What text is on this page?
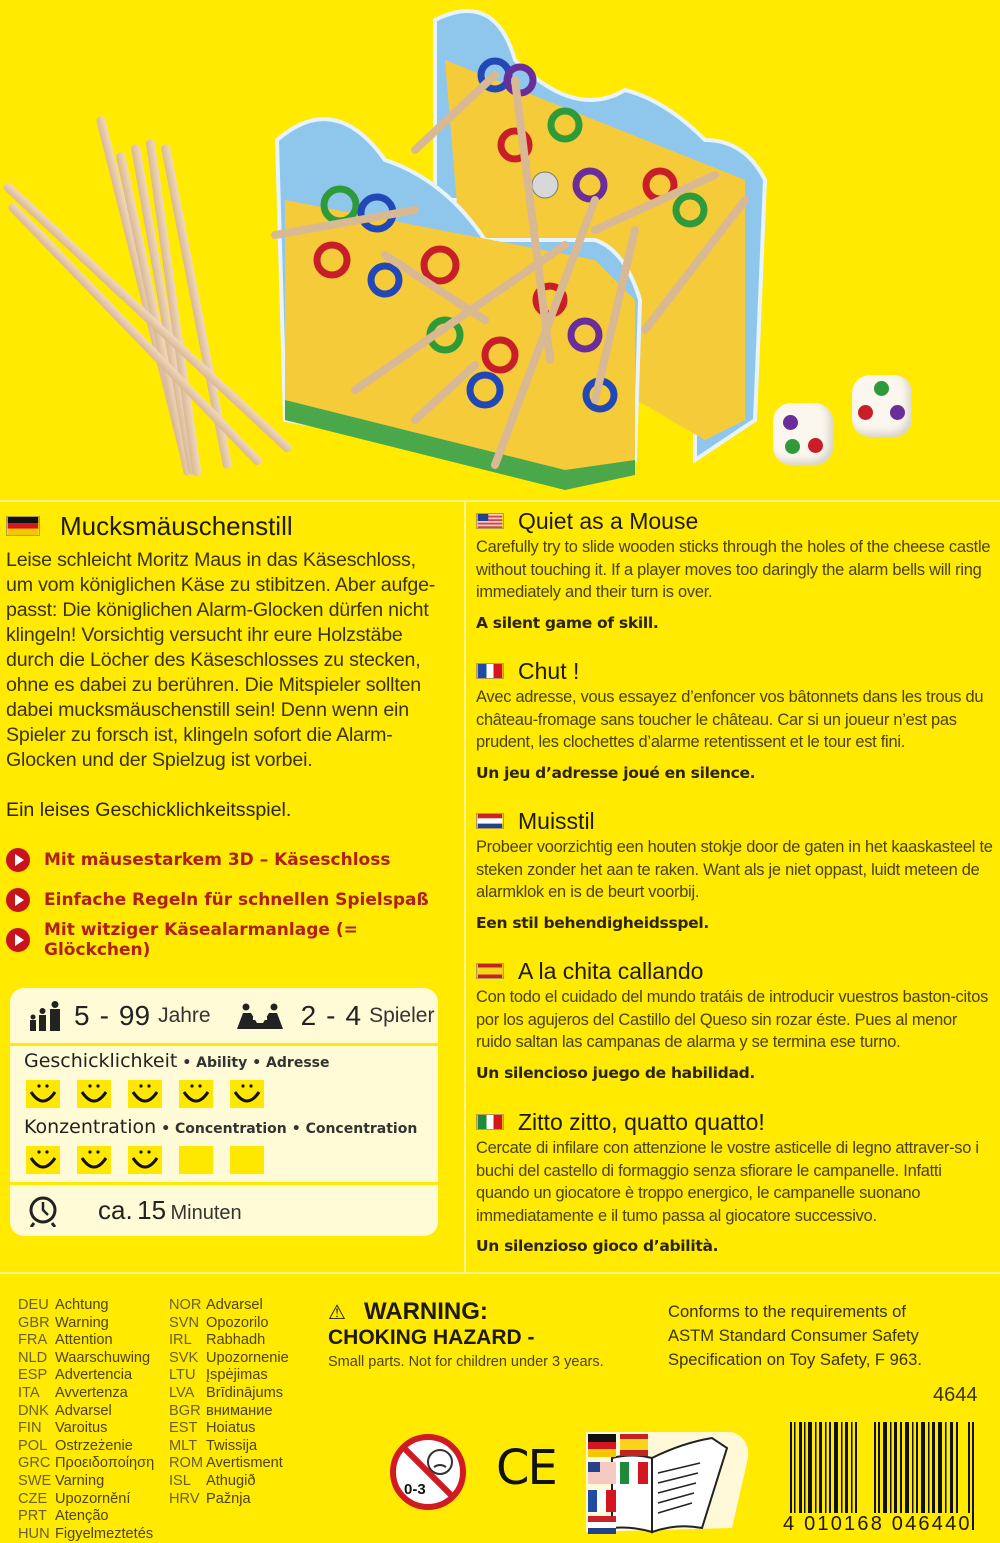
Mucksmäuschenstill
Leise schleicht Moritz Maus in das Käseschloss,
um vom königlichen Käse zu stibitzen. Aber aufge-
passt: Die königlichen Alarm-Glocken dürfen nicht
klingeln! Vorsichtig versucht ihr eure Holzstäbe
durch die Löcher des Käseschlosses zu stecken,
ohne es dabei zu berühren. Die Mitspieler sollten
dabei mucksmäuschenstill sein! Denn wenn ein
Spieler zu forsch ist, klingeln sofort die Alarm-
Glocken und der Spielzug ist vorbei.
Ein leises Geschicklichkeitsspiel.
Mit mäusestarkem 3D – Käseschloss
Einfache Regeln für schnellen Spielspaß
Mit witziger Käsealarmanlage (= Glöckchen)
5 - 99 Jahre	2 - 4 Spieler
Geschicklichkeit • Ability • Adresse
Konzentration • Concentration • Concentration
ca. 15 Minuten
Quiet as a Mouse

Carefully try to slide wooden sticks through the holes of the cheese castle without touching it. If a player moves too daringly the alarm bells will ring immediately and their turn is over.

A silent game of skill.
Chut !

Avec adresse, vous essayez d’enfoncer vos bâtonnets dans les trous du château-fromage sans toucher le château. Car si un joueur n’est pas prudent, les clochettes d’alarme retentissent et le tour est fini.

Un jeu d’adresse joué en silence.
Muisstil

Probeer voorzichtig een houten stokje door de gaten in het kaaskasteel te steken zonder het aan te raken. Want als je niet oppast, luidt meteen de alarmklok en is de beurt voorbij.

Een stil behendigheidsspel.
A la chita callando

Con todo el cuidado del mundo tratáis de introducir vuestros baston-citos por los agujeros del Castillo del Queso sin rozar éste. Pues al menor ruido saltan las campanas de alarma y se termina ese turno.

Un silencioso juego de habilidad.
Zitto zitto, quatto quatto!

Cercate di infilare con attenzione le vostre asticelle di legno attraver-so i buchi del castello di formaggio senza sfiorare le campanelle. Infatti quando un giocatore è troppo energico, le campanelle suonano immediatamente e il tumo passa al giocatore successivo.

Un silenzioso gioco d’abilità.
DEU Achtung
GBR Warning
FRA Attention
NLD Waarschuwing
ESP Advertencia
ITA	Avvertenza
DNK Advarsel
FIN Varoitus
POL Ostrzeżenie
GRC Προειδοποίηση
SWE Varning
CZE Upozornění
PRT Atenção
HUN Figyelmeztetés
NOR Advarsel
SVN Opozorilo
IRL Rabhadh
SVK Upozornenie
LTU Įspėjimas
LVA Brīdinājums
BGR внимание
EST Hoiatus
MLT Twissija
ROM Avertisment
ISL	Athugið
HRV Pažnja
⚠ WARNING:
CHOKING HAZARD -
Small parts. Not for children under 3 years.
Conforms to the requirements of
ASTM Standard Consumer Safety
Specification on Toy Safety, F 963.
4644
0-3 CE
4 010168 046440
